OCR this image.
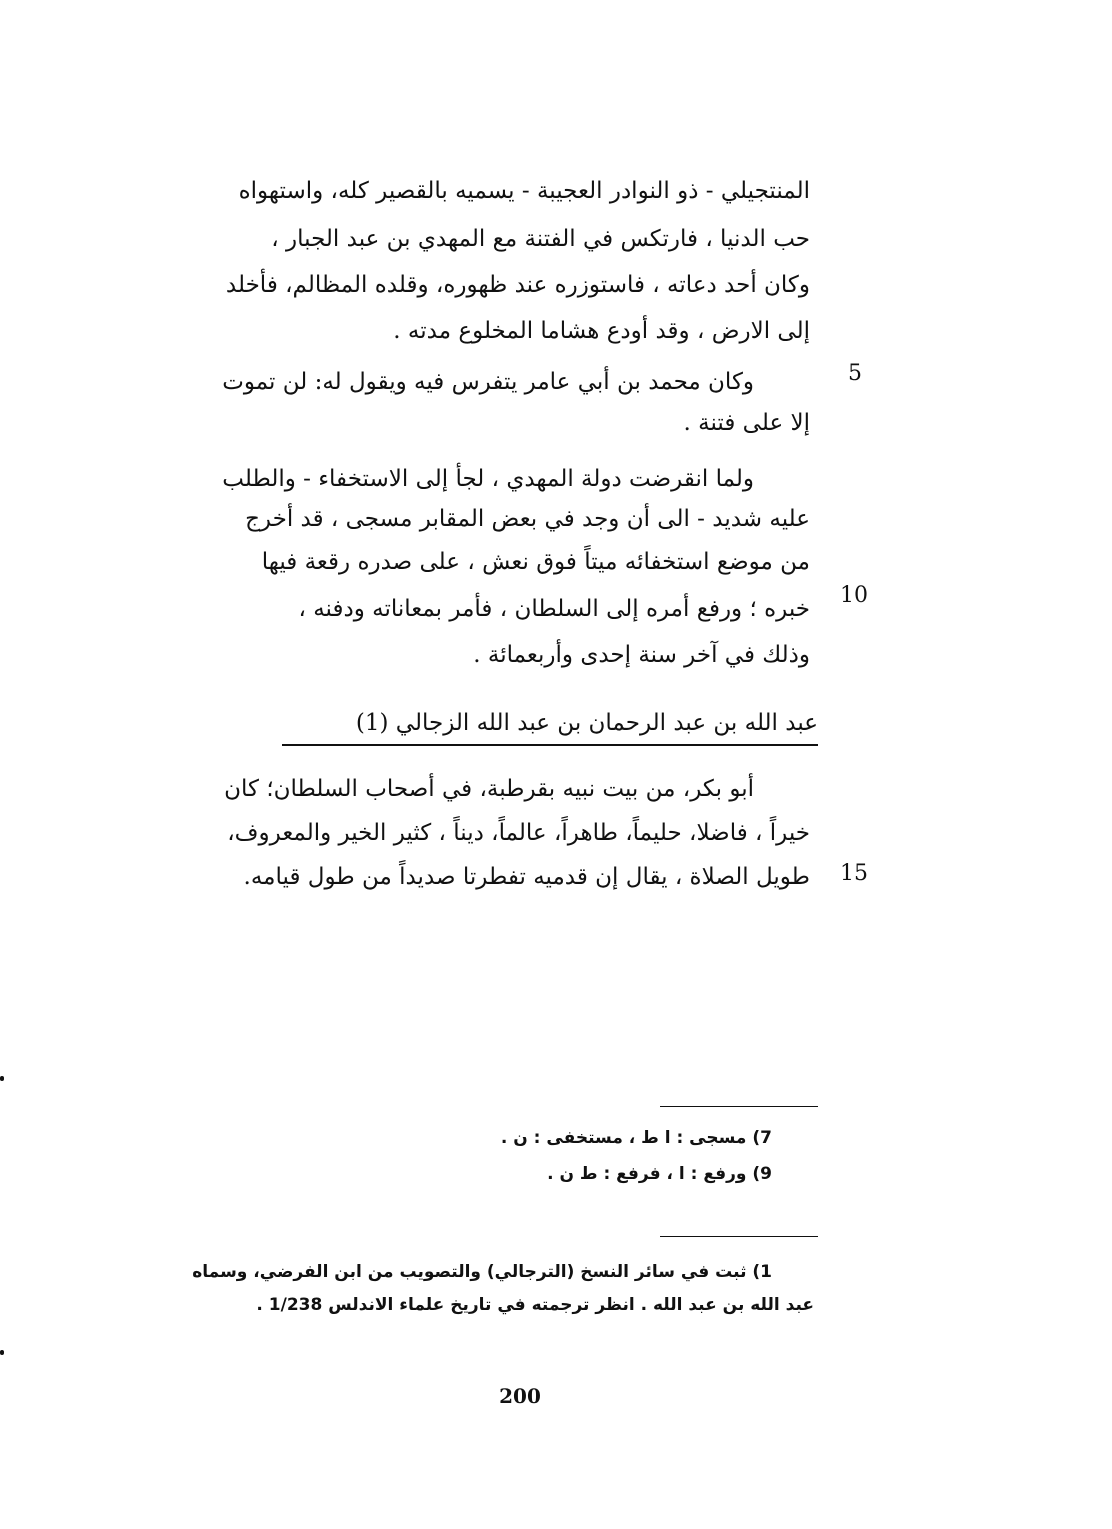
المنتجيلي - ذو النوادر العجيبة - يسميه بالقصير كله، واستهواه
حب الدنيا ، فارتكس في الفتنة مع المهدي بن عبد الجبار ،
وكان أحد دعاته ، فاستوزره عند ظهوره، وقلده المظالم، فأخلد
إلى الارض ، وقد أودع هشاما المخلوع مدته .
وكان محمد بن أبي عامر يتفرس فيه ويقول له: لن تموت
إلا على فتنة .
ولما انقرضت دولة المهدي ، لجأ إلى الاستخفاء - والطلب
عليه شديد - الى أن وجد في بعض المقابر مسجى ، قد أخرج
من موضع استخفائه ميتاً فوق نعش ، على صدره رقعة فيها
خبره ؛ ورفع أمره إلى السلطان ، فأمر بمعاناته ودفنه ،
وذلك في آخر سنة إحدى وأربعمائة .
5
10
15
عبد الله بن عبد الرحمان بن عبد الله الزجالي (1)
أبو بكر، من بيت نبيه بقرطبة، في أصحاب السلطان؛ كان
خيراً ، فاضلا، حليماً، طاهراً، عالماً، ديناً ، كثير الخير والمعروف،
طويل الصلاة ، يقال إن قدميه تفطرتا صديداً من طول قيامه.
7) مسجى : ا ط ، مستخفى : ن .
9) ورفع : ا ، فرفع : ط ن .
1) ثبت في سائر النسخ (الترجالي) والتصويب من ابن الفرضي، وسماه
عبد الله بن عبد الله . انظر ترجمته في تاريخ علماء الاندلس 1/238 .
200
